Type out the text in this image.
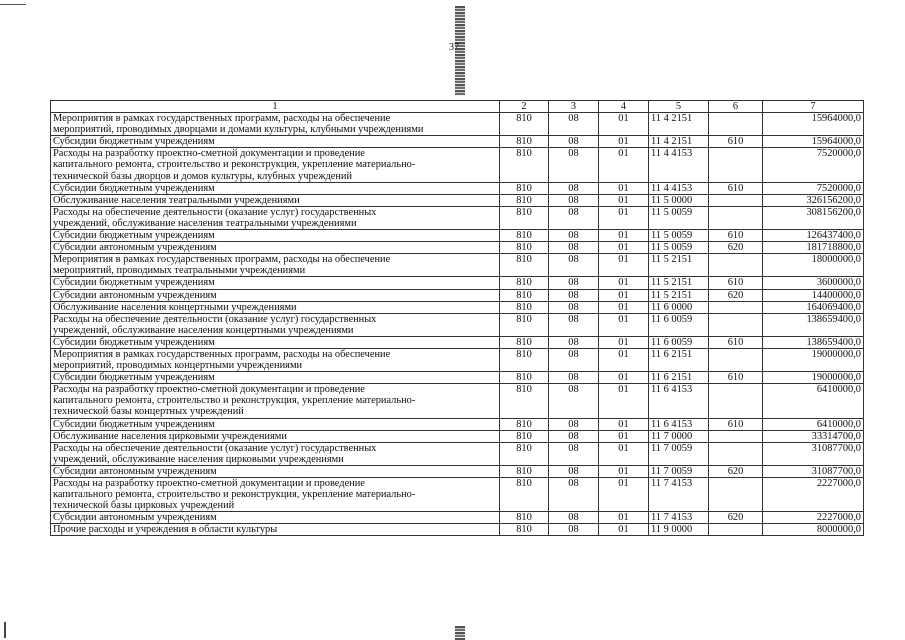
37
1	2	3	4	5	6	7

Мероприятия в рамках государственных программ, расходы на обеспечение
мероприятий, проводимых дворцами и домами культуры, клубными учреждениями	810	08	01	11 4 2151		15964000,0

Субсидии бюджетным учреждениям	810	08	01	11 4 2151	610	15964000,0

Расходы на разработку проектно-сметной документации и проведение
капитального ремонта, строительство и реконструкция, укрепление материально-
технической базы дворцов и домов культуры, клубных учреждений	810	08	01	11 4 4153		7520000,0

Субсидии бюджетным учреждениям	810	08	01	11 4 4153	610	7520000,0

Обслуживание населения театральными учреждениями	810	08	01	11 5 0000		326156200,0

Расходы на обеспечение деятельности (оказание услуг) государственных
учреждений, обслуживание населения театральными учреждениями	810	08	01	11 5 0059		308156200,0

Субсидии бюджетным учреждениям	810	08	01	11 5 0059	610	126437400,0

Субсидии автономным учреждениям	810	08	01	11 5 0059	620	181718800,0

Мероприятия в рамках государственных программ, расходы на обеспечение
мероприятий, проводимых театральными учреждениями	810	08	01	11 5 2151		18000000,0

Субсидии бюджетным учреждениям	810	08	01	11 5 2151	610	3600000,0

Субсидии автономным учреждениям	810	08	01	11 5 2151	620	14400000,0

Обслуживание населения концертными учреждениями	810	08	01	11 6 0000		164069400,0

Расходы на обеспечение деятельности (оказание услуг) государственных
учреждений, обслуживание населения концертными учреждениями	810	08	01	11 6 0059		138659400,0

Субсидии бюджетным учреждениям	810	08	01	11 6 0059	610	138659400,0

Мероприятия в рамках государственных программ, расходы на обеспечение
мероприятий, проводимых концертными учреждениями	810	08	01	11 6 2151		19000000,0

Субсидии бюджетным учреждениям	810	08	01	11 6 2151	610	19000000,0

Расходы на разработку проектно-сметной документации и проведение
капитального ремонта, строительство и реконструкция, укрепление материально-
технической базы концертных учреждений	810	08	01	11 6 4153		6410000,0

Субсидии бюджетным учреждениям	810	08	01	11 6 4153	610	6410000,0

Обслуживание населения цирковыми учреждениями	810	08	01	11 7 0000		33314700,0

Расходы на обеспечение деятельности (оказание услуг) государственных
учреждений, обслуживание населения цирковыми учреждениями	810	08	01	11 7 0059		31087700,0

Субсидии автономным учреждениям	810	08	01	11 7 0059	620	31087700,0

Расходы на разработку проектно-сметной документации и проведение
капитального ремонта, строительство и реконструкция, укрепление материально-
технической базы цирковых учреждений	810	08	01	11 7 4153		2227000,0

Субсидии автономным учреждениям	810	08	01	11 7 4153	620	2227000,0

Прочие расходы и учреждения в области культуры	810	08	01	11 9 0000		8000000,0
